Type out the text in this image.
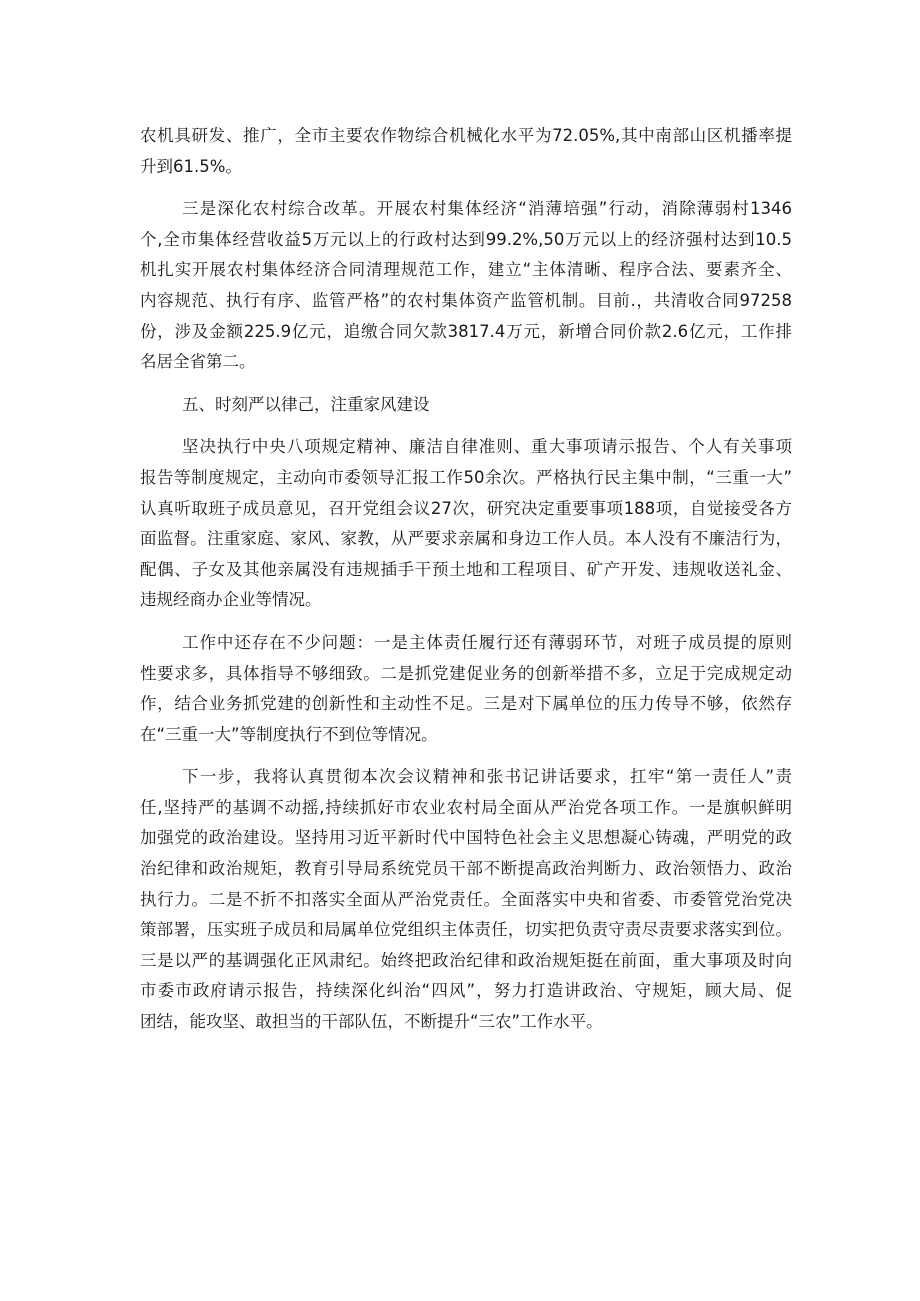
农机具研发、推广，全市主要农作物综合机械化水平为72.05%,其中南部山区机播率提
升到61.5%。
三是深化农村综合改革。开展农村集体经济“消薄培强”行动，消除薄弱村1346
个,全市集体经营收益5万元以上的行政村达到99.2%,50万元以上的经济强村达到10.5
机扎实开展农村集体经济合同清理规范工作，建立“主体清晰、程序合法、要素齐全、
内容规范、执行有序、监管严格”的农村集体资产监管机制。目前.，共清收合同97258
份，涉及金额225.9亿元，追缴合同欠款3817.4万元，新增合同价款2.6亿元，工作排
名居全省第二。
五、时刻严以律己，注重家风建设
坚决执行中央八项规定精神、廉洁自律准则、重大事项请示报告、个人有关事项
报告等制度规定，主动向市委领导汇报工作50余次。严格执行民主集中制，“三重一大”
认真听取班子成员意见，召开党组会议27次，研究决定重要事项188项，自觉接受各方
面监督。注重家庭、家风、家教，从严要求亲属和身边工作人员。本人没有不廉洁行为，
配偶、子女及其他亲属没有违规插手干预土地和工程项目、矿产开发、违规收送礼金、
违规经商办企业等情况。
工作中还存在不少问题：一是主体责任履行还有薄弱环节，对班子成员提的原则
性要求多，具体指导不够细致。二是抓党建促业务的创新举措不多，立足于完成规定动
作，结合业务抓党建的创新性和主动性不足。三是对下属单位的压力传导不够，依然存
在“三重一大”等制度执行不到位等情况。
下一步，我将认真贯彻本次会议精神和张书记讲话要求，扛牢“第一责任人”责
任,坚持严的基调不动摇,持续抓好市农业农村局全面从严治党各项工作。一是旗帜鲜明
加强党的政治建设。坚持用习近平新时代中国特色社会主义思想凝心铸魂，严明党的政
治纪律和政治规矩，教育引导局系统党员干部不断提高政治判断力、政治领悟力、政治
执行力。二是不折不扣落实全面从严治党责任。全面落实中央和省委、市委管党治党决
策部署，压实班子成员和局属单位党组织主体责任，切实把负责守责尽责要求落实到位。
三是以严的基调强化正风肃纪。始终把政治纪律和政治规矩挺在前面，重大事项及时向
市委市政府请示报告，持续深化纠治“四风”，努力打造讲政治、守规矩，顾大局、促
团结，能攻坚、敢担当的干部队伍，不断提升“三农”工作水平。
